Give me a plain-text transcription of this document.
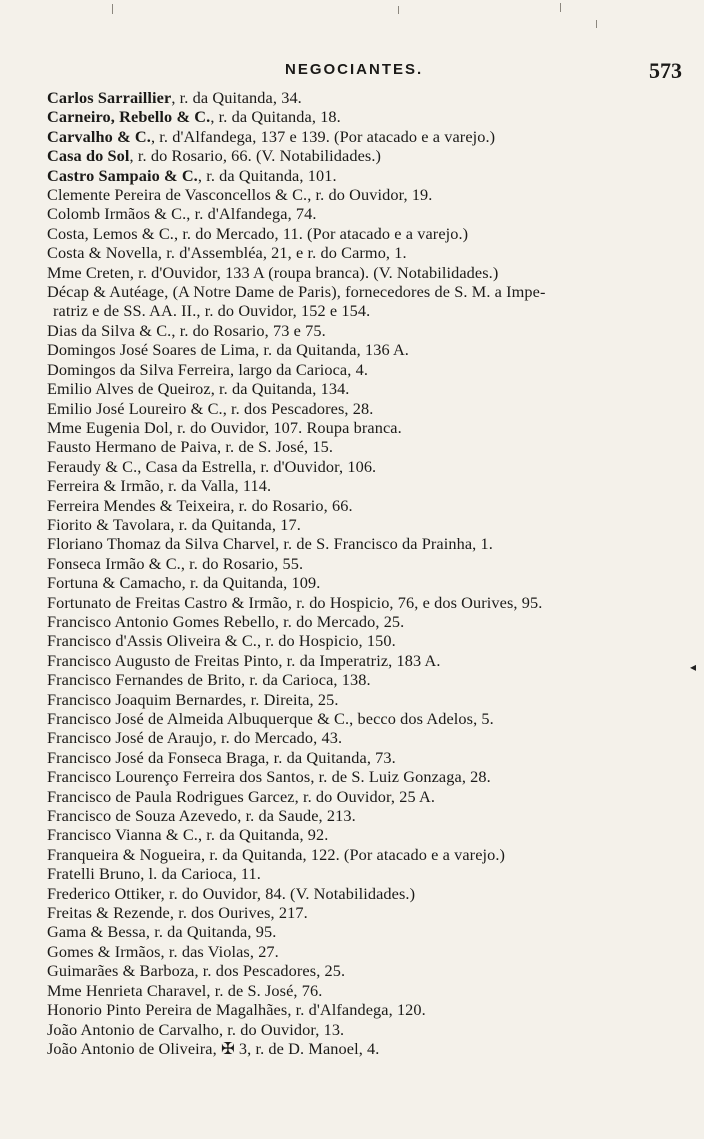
NEGOCIANTES.	573
Carlos Sarraillier, r. da Quitanda, 34.
Carneiro, Rebello & C., r. da Quitanda, 18.
Carvalho & C., r. d'Alfandega, 137 e 139. (Por atacado e a varejo.)
Casa do Sol, r. do Rosario, 66. (V. Notabilidades.)
Castro Sampaio & C., r. da Quitanda, 101.
Clemente Pereira de Vasconcellos & C., r. do Ouvidor, 19.
Colomb Irmãos & C., r. d'Alfandega, 74.
Costa, Lemos & C., r. do Mercado, 11. (Por atacado e a varejo.)
Costa & Novella, r. d'Assembléa, 21, e r. do Carmo, 1.
Mme Creten, r. d'Ouvidor, 133 A (roupa branca). (V. Notabilidades.)
Décap & Autéage, (A Notre Dame de Paris), fornecedores de S. M. a Impe-
ratriz e de SS. AA. II., r. do Ouvidor, 152 e 154.
Dias da Silva & C., r. do Rosario, 73 e 75.
Domingos José Soares de Lima, r. da Quitanda, 136 A.
Domingos da Silva Ferreira, largo da Carioca, 4.
Emilio Alves de Queiroz, r. da Quitanda, 134.
Emilio José Loureiro & C., r. dos Pescadores, 28.
Mme Eugenia Dol, r. do Ouvidor, 107. Roupa branca.
Fausto Hermano de Paiva, r. de S. José, 15.
Feraudy & C., Casa da Estrella, r. d'Ouvidor, 106.
Ferreira & Irmão, r. da Valla, 114.
Ferreira Mendes & Teixeira, r. do Rosario, 66.
Fiorito & Tavolara, r. da Quitanda, 17.
Floriano Thomaz da Silva Charvel, r. de S. Francisco da Prainha, 1.
Fonseca Irmão & C., r. do Rosario, 55.
Fortuna & Camacho, r. da Quitanda, 109.
Fortunato de Freitas Castro & Irmão, r. do Hospicio, 76, e dos Ourives, 95.
Francisco Antonio Gomes Rebello, r. do Mercado, 25.
Francisco d'Assis Oliveira & C., r. do Hospicio, 150.
Francisco Augusto de Freitas Pinto, r. da Imperatriz, 183 A.
Francisco Fernandes de Brito, r. da Carioca, 138.
Francisco Joaquim Bernardes, r. Direita, 25.
Francisco José de Almeida Albuquerque & C., becco dos Adelos, 5.
Francisco José de Araujo, r. do Mercado, 43.
Francisco José da Fonseca Braga, r. da Quitanda, 73.
Francisco Lourenço Ferreira dos Santos, r. de S. Luiz Gonzaga, 28.
Francisco de Paula Rodrigues Garcez, r. do Ouvidor, 25 A.
Francisco de Souza Azevedo, r. da Saude, 213.
Francisco Vianna & C., r. da Quitanda, 92.
Franqueira & Nogueira, r. da Quitanda, 122. (Por atacado e a varejo.)
Fratelli Bruno, l. da Carioca, 11.
Frederico Ottiker, r. do Ouvidor, 84. (V. Notabilidades.)
Freitas & Rezende, r. dos Ourives, 217.
Gama & Bessa, r. da Quitanda, 95.
Gomes & Irmãos, r. das Violas, 27.
Guimarães & Barboza, r. dos Pescadores, 25.
Mme Henrieta Charavel, r. de S. José, 76.
Honorio Pinto Pereira de Magalhães, r. d'Alfandega, 120.
João Antonio de Carvalho, r. do Ouvidor, 13.
João Antonio de Oliveira, ✠ 3, r. de D. Manoel, 4.
◂
